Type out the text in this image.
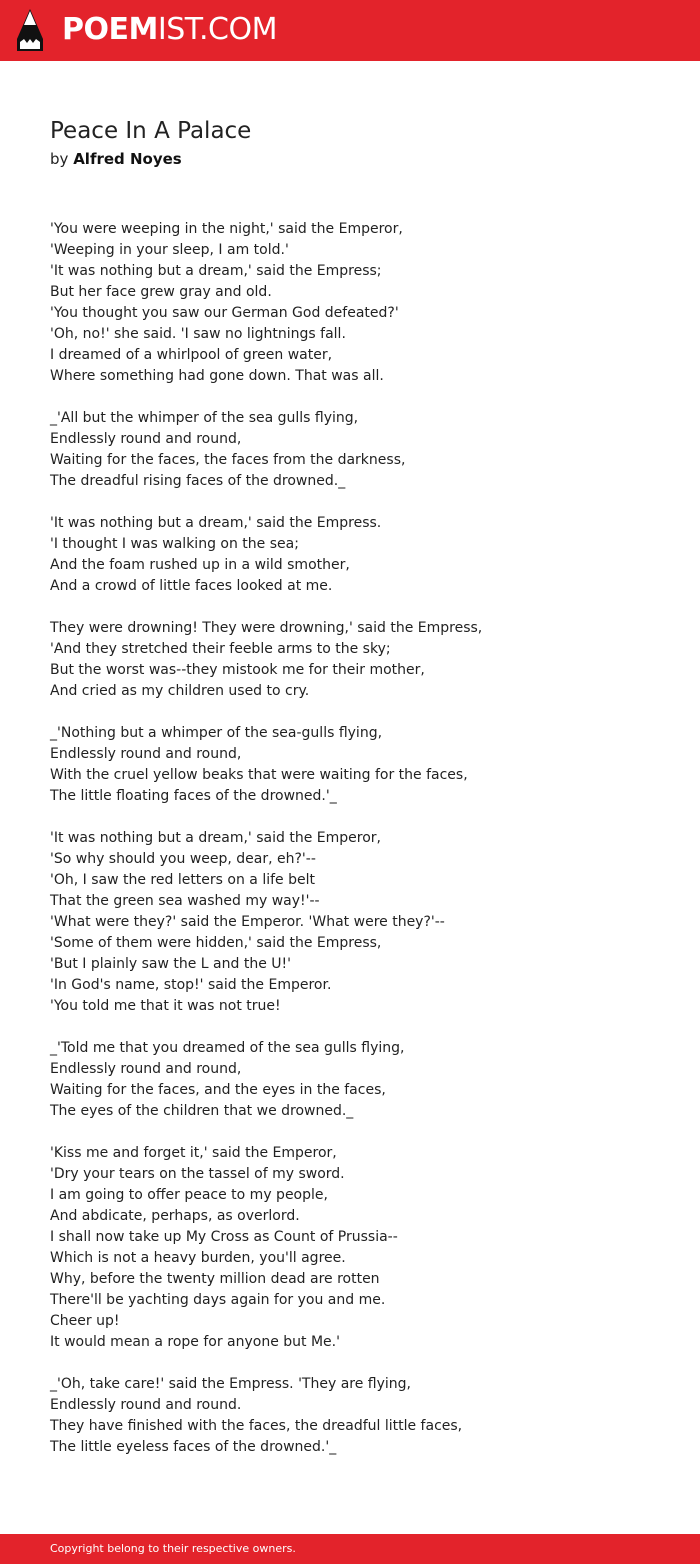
POEMIST.COM
Peace In A Palace
by Alfred Noyes
'You were weeping in the night,' said the Emperor,
'Weeping in your sleep, I am told.'
'It was nothing but a dream,' said the Empress;
But her face grew gray and old.
'You thought you saw our German God defeated?'
'Oh, no!' she said. 'I saw no lightnings fall.
I dreamed of a whirlpool of green water,
Where something had gone down. That was all.
_'All but the whimper of the sea gulls flying,
Endlessly round and round,
Waiting for the faces, the faces from the darkness,
The dreadful rising faces of the drowned._
'It was nothing but a dream,' said the Empress.
'I thought I was walking on the sea;
And the foam rushed up in a wild smother,
And a crowd of little faces looked at me.
They were drowning! They were drowning,' said the Empress,
'And they stretched their feeble arms to the sky;
But the worst was--they mistook me for their mother,
And cried as my children used to cry.
_'Nothing but a whimper of the sea-gulls flying,
Endlessly round and round,
With the cruel yellow beaks that were waiting for the faces,
The little floating faces of the drowned.'_
'It was nothing but a dream,' said the Emperor,
'So why should you weep, dear, eh?'--
'Oh, I saw the red letters on a life belt
That the green sea washed my way!'--
'What were they?' said the Emperor. 'What were they?'--
'Some of them were hidden,' said the Empress,
'But I plainly saw the L and the U!'
'In God's name, stop!' said the Emperor.
'You told me that it was not true!
_'Told me that you dreamed of the sea gulls flying,
Endlessly round and round,
Waiting for the faces, and the eyes in the faces,
The eyes of the children that we drowned._
'Kiss me and forget it,' said the Emperor,
'Dry your tears on the tassel of my sword.
I am going to offer peace to my people,
And abdicate, perhaps, as overlord.
I shall now take up My Cross as Count of Prussia--
Which is not a heavy burden, you'll agree.
Why, before the twenty million dead are rotten
There'll be yachting days again for you and me.
Cheer up!
It would mean a rope for anyone but Me.'
_'Oh, take care!' said the Empress. 'They are flying,
Endlessly round and round.
They have finished with the faces, the dreadful little faces,
The little eyeless faces of the drowned.'_
Copyright belong to their respective owners.
